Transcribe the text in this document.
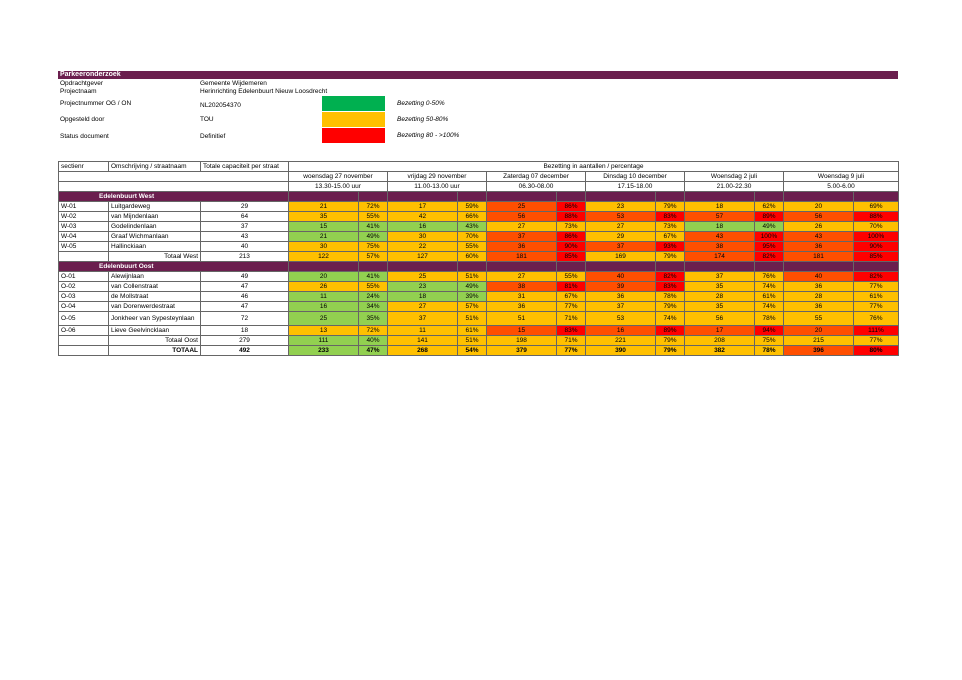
Parkeeronderzoek
Opdrachtgever	Gemeente Wijdemeren
Projectnaam	Herinrichting Edelenbuurt Nieuw Loosdrecht
Projectnummer OG / ON	NL202054370
Opgesteld door	TOU
Status document	Definitief
Bezetting 0-50%
Bezetting 50-80%
Bezetting 80 - >100%
sectienr	Omschrijving / straatnaam	Totale capaciteit per straat	Bezetting in aantallen / percentage											
			woensdag 27 november		vrijdag 29 november		Zaterdag 07 december		Dinsdag 10 december		Woensdag 2 juli		Woensdag 9 juli	
			13.30-15.00 uur		11.00-13.00 uur		06.30-08.00		17.15-18.00		21.00-22.30		5.00-6.00	
Edelenbuurt West														
W-01	Luitgardeweg	29	21	72%	17	59%	25	86%	23	79%	18	62%	20	69%
W-02	van Mijndenlaan	64	35	55%	42	66%	56	88%	53	83%	57	89%	56	88%
W-03	Godelindenlaan	37	15	41%	16	43%	27	73%	27	73%	18	49%	26	70%
W-04	Graaf Wichmanlaan	43	21	49%	30	70%	37	86%	29	67%	43	100%	43	100%
W-05	Hallinckiaan	40	30	75%	22	55%	36	90%	37	93%	38	95%	36	90%
	Totaal West	213	122	57%	127	60%	181	85%	169	79%	174	82%	181	85%
Edelenbuurt Oost														
O-01	Alewijnlaan	49	20	41%	25	51%	27	55%	40	82%	37	76%	40	82%
O-02	van Collenstraat	47	26	55%	23	49%	38	81%	39	83%	35	74%	36	77%
O-03	de Mollstraat	46	11	24%	18	39%	31	67%	36	78%	28	61%	28	61%
O-04	van Dorenwerdestraat	47	16	34%	27	57%	36	77%	37	79%	35	74%	36	77%
O-05	Jonkheer van Sypesteynlaan	72	25	35%	37	51%	51	71%	53	74%	56	78%	55	76%
O-06	Lieve Geelvincklaan	18	13	72%	11	61%	15	83%	16	89%	17	94%	20	111%
	Totaal Oost	279	111	40%	141	51%	198	71%	221	79%	208	75%	215	77%
	TOTAAL	492	233	47%	268	54%	379	77%	390	79%	382	78%	396	80%
